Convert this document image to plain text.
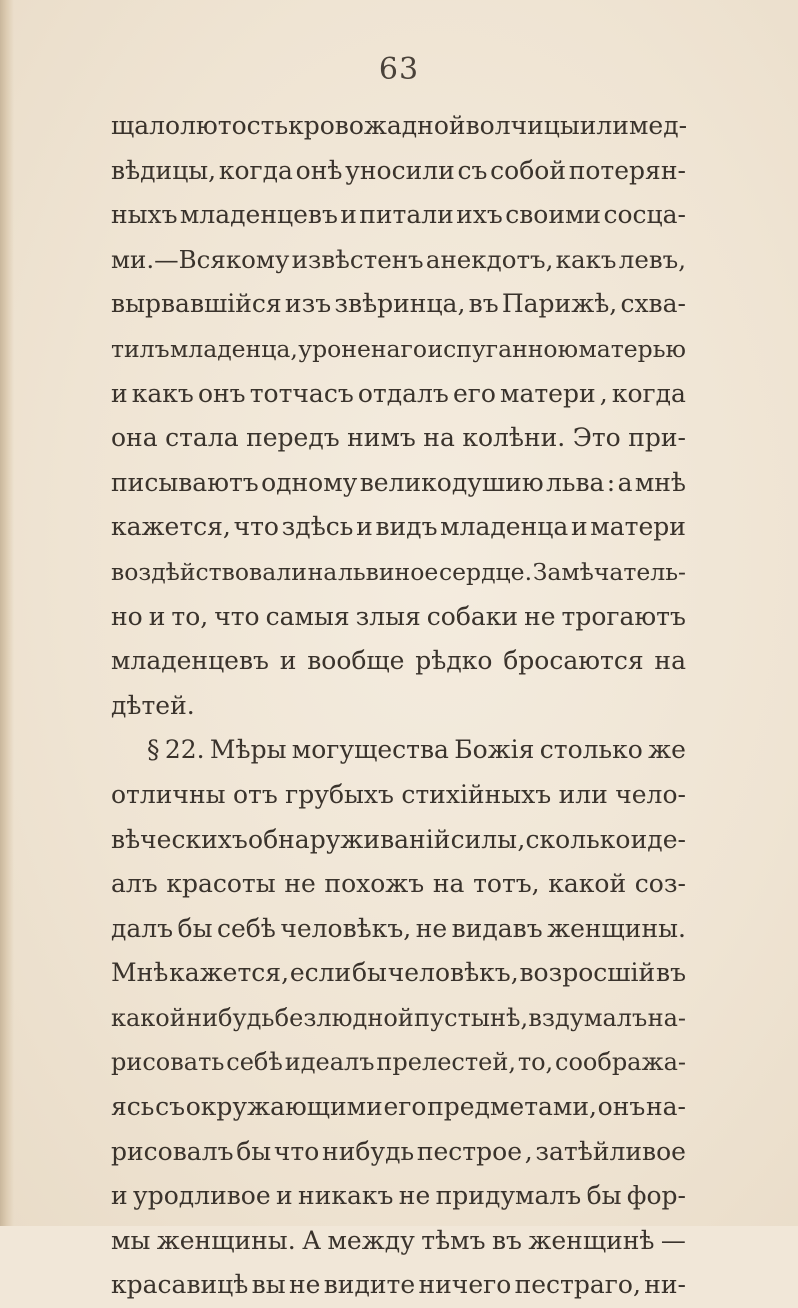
63
щало лютость кровожадной волчицы или мед-
вѣдицы, когда онѣ уносили съ собой потерян-
ныхъ младенцевъ и питали ихъ своими сосца-
ми.—Всякому извѣстенъ анекдотъ, какъ левъ,
вырвавшійся изъ звѣринца, въ Парижѣ, схва-
тилъ младенца, уроненаго испуганною матерью
и какъ онъ тотчасъ отдалъ его матери , когда
она стала передъ нимъ на колѣни. Это при-
писываютъ одному великодушию льва : а мнѣ
кажется, что здѣсь и видъ младенца и матери
воздѣйствовали на львиное сердце. Замѣчатель-
но и то, что самыя злыя собаки не трогаютъ
младенцевъ и вообще рѣдко бросаются на
дѣтей.
§ 22. Мѣры могущества Божія столько же
отличны отъ грубыхъ стихійныхъ или чело-
вѣческихъ обнаруживаній силы , сколько иде-
алъ красоты не похожъ на тотъ, какой соз-
далъ бы себѣ человѣкъ, не видавъ женщины.
Мнѣ кажется, если бы человѣкъ, возросшій въ
какой нибудь безлюдной пустынѣ, вздумалъ на-
рисовать себѣ идеалъ прелестей, то, сообража-
ясь съ окружающими его предметами, онъ на-
рисовалъ бы что нибудь пестрое , затѣйливое
и уродливое и никакъ не придумалъ бы фор-
мы женщины. А между тѣмъ въ женщинѣ —
красавицѣ вы не видите ничего пестраго, ни-
